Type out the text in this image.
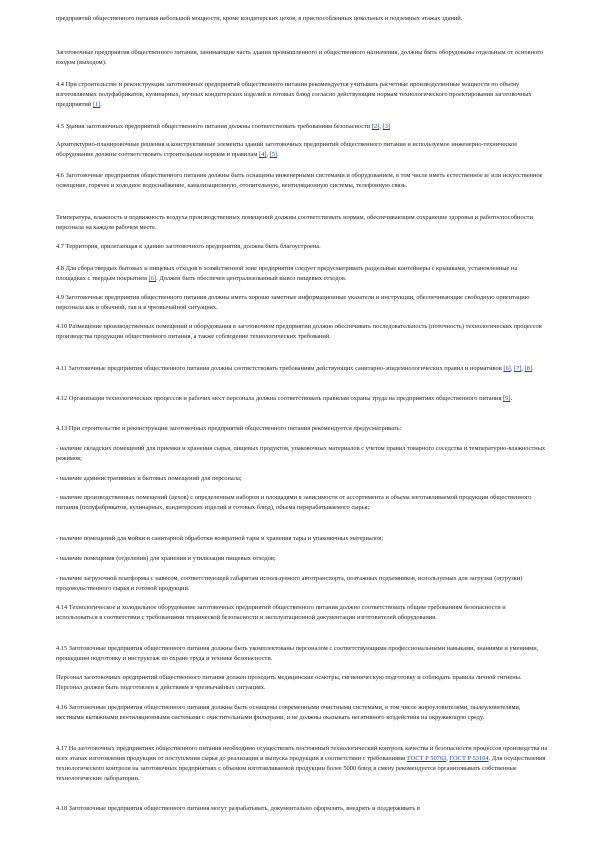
предприятий общественного питания небольшой мощности, кроме кондитерских цехов, в приспособленных цокольных и подземных этажах зданий.

Заготовочные предприятия общественного питания, занимающие часть здания промышленного и общественного назначения, должны быть оборудованы отдельным от основного входом (выходом).

4.4 При строительстве и реконструкции заготовочных предприятий общественного питания рекомендуется учитывать расчетные производственные мощности по объему изготовляемых полуфабрикатов, кулинарных, мучных кондитерских изделий и готовых блюд согласно действующим нормам технологического проектирования заготовочных предприятий [1].

4.5 Здания заготовочных предприятий общественного питания должны соответствовать требованиям безопасности [2], [3]

Архитектурно-планировочные решения и конструктивные элементы зданий заготовочных предприятий общественного питания и используемое инженерно-техническое оборудование должны соответствовать строительным нормам и правилам [4], [5].

4.6 Заготовочные предприятия общественного питания должны быть оснащены инженерными системами и оборудованием, в том числе иметь естественное и/ или искусственное освещение, горячее и холодное водоснабжение, канализационную, отопительную, вентиляционную системы, телефонную связь.

Температура, влажность и подвижность воздуха производственных помещений должны соответствовать нормам, обеспечивающим сохранение здоровья и работоспособности персонала на каждом рабочем месте.

4.7 Территория, прилегающая к зданию заготовочного предприятия, должна быть благоустроена.

4.8 Для сбора твердых бытовых и пищевых отходов в хозяйственной зоне предприятия следует предусматривать раздельные контейнеры с крышками, установленные на площадках с твердым покрытием [6]. Должен быть обеспечен централизованный вывоз пищевых отходов.

4.9 Заготовочные предприятия общественного питания должны иметь хорошо заметные информационные указатели и инструкции, обеспечивающие свободную ориентацию персонала как в обычной, так и в чрезвычайной ситуациях.

4.10 Размещение производственных помещений и оборудования в заготовочном предприятии должно обеспечивать последовательность (поточность) технологических процессов производства продукции общественного питания, а также соблюдение технологических требований.

4.11 Заготовочные предприятия общественного питания должны соответствовать требованиям действующих санитарно-эпидемиологических правил и нормативов [6], [7], [8].

4.12 Организация технологических процессов и рабочих мест персонала должна соответствовать правилам охраны труда на предприятиях общественного питания [9].

4.13 При строительстве и реконструкции заготовочных предприятий общественного питания рекомендуется предусматривать:

- наличие складских помещений для приемки и хранения сырья, пищевых продуктов, упаковочных материалов с учетом правил товарного соседства и температурно-влажностных режимов;

- наличие административных и бытовых помещений для персонала;

- наличие производственных помещений (цехов) с определенным набором и площадями в зависимости от ассортимента и объема изготавливаемой продукции общественного питания (полуфабрикатов, кулинарных, кондитерских изделий и готовых блюд), объема перерабатываемого сырья;

- наличие помещений для мойки и санитарной обработки возвратной тары и хранения тары и упаковочных материалов;

- наличие помещения (отделения) для хранения и утилизации пищевых отходов;

- наличие загрузочной платформы с навесом, соответствующей габаритам используемого автотранспорта, поэтажных подъемников, используемых для загрузки (отгрузки) продовольственного сырья и готовой продукции.

4.14 Технологическое и холодильное оборудование заготовочных предприятий общественного питания должно соответствовать общим требованиям безопасности и использоваться в соответствии с требованиями технической безопасности и эксплуатационной документации изготовителей оборудования.

4.15 Заготовочные предприятия общественного питания должны быть укомплектованы персоналом с соответствующими профессиональными навыками, знаниями и умениями, прошедшим подготовку и инструктаж по охране труда и технике безопасности.

Персонал заготовочных предприятий общественного питания должен проходить медицинские осмотры, гигиеническую подготовку и соблюдать правила личной гигиены. Персонал должен быть подготовлен к действиям в чрезвычайных ситуациях.

4.16 Заготовочные предприятия общественного питания должны быть оснащены современными очистными системами, в том числе жироуловителями, пылеуловителями, местными вытяжными вентиляционными системами с очистительными фильтрами, и не должны оказывать негативного воздействия на окружающую среду.

4.17 На заготовочных предприятиях общественного питания необходимо осуществлять постоянный технологический контроль качества и безопасности процессов производства на всех этапах изготовления продукции от поступления сырья до реализации и выпуска продукции в соответствии с требованиями ГОСТ Р 50763, ГОСТ Р 53104. Для осуществления технологического контроля на заготовочных предприятиях с объемом изготавливаемой продукции более 5000 блюд в смену рекомендуется организовывать собственные технологические лаборатории.

4.18 Заготовочные предприятия общественного питания могут разрабатывать, документально оформлять, внедрять и поддерживать в
